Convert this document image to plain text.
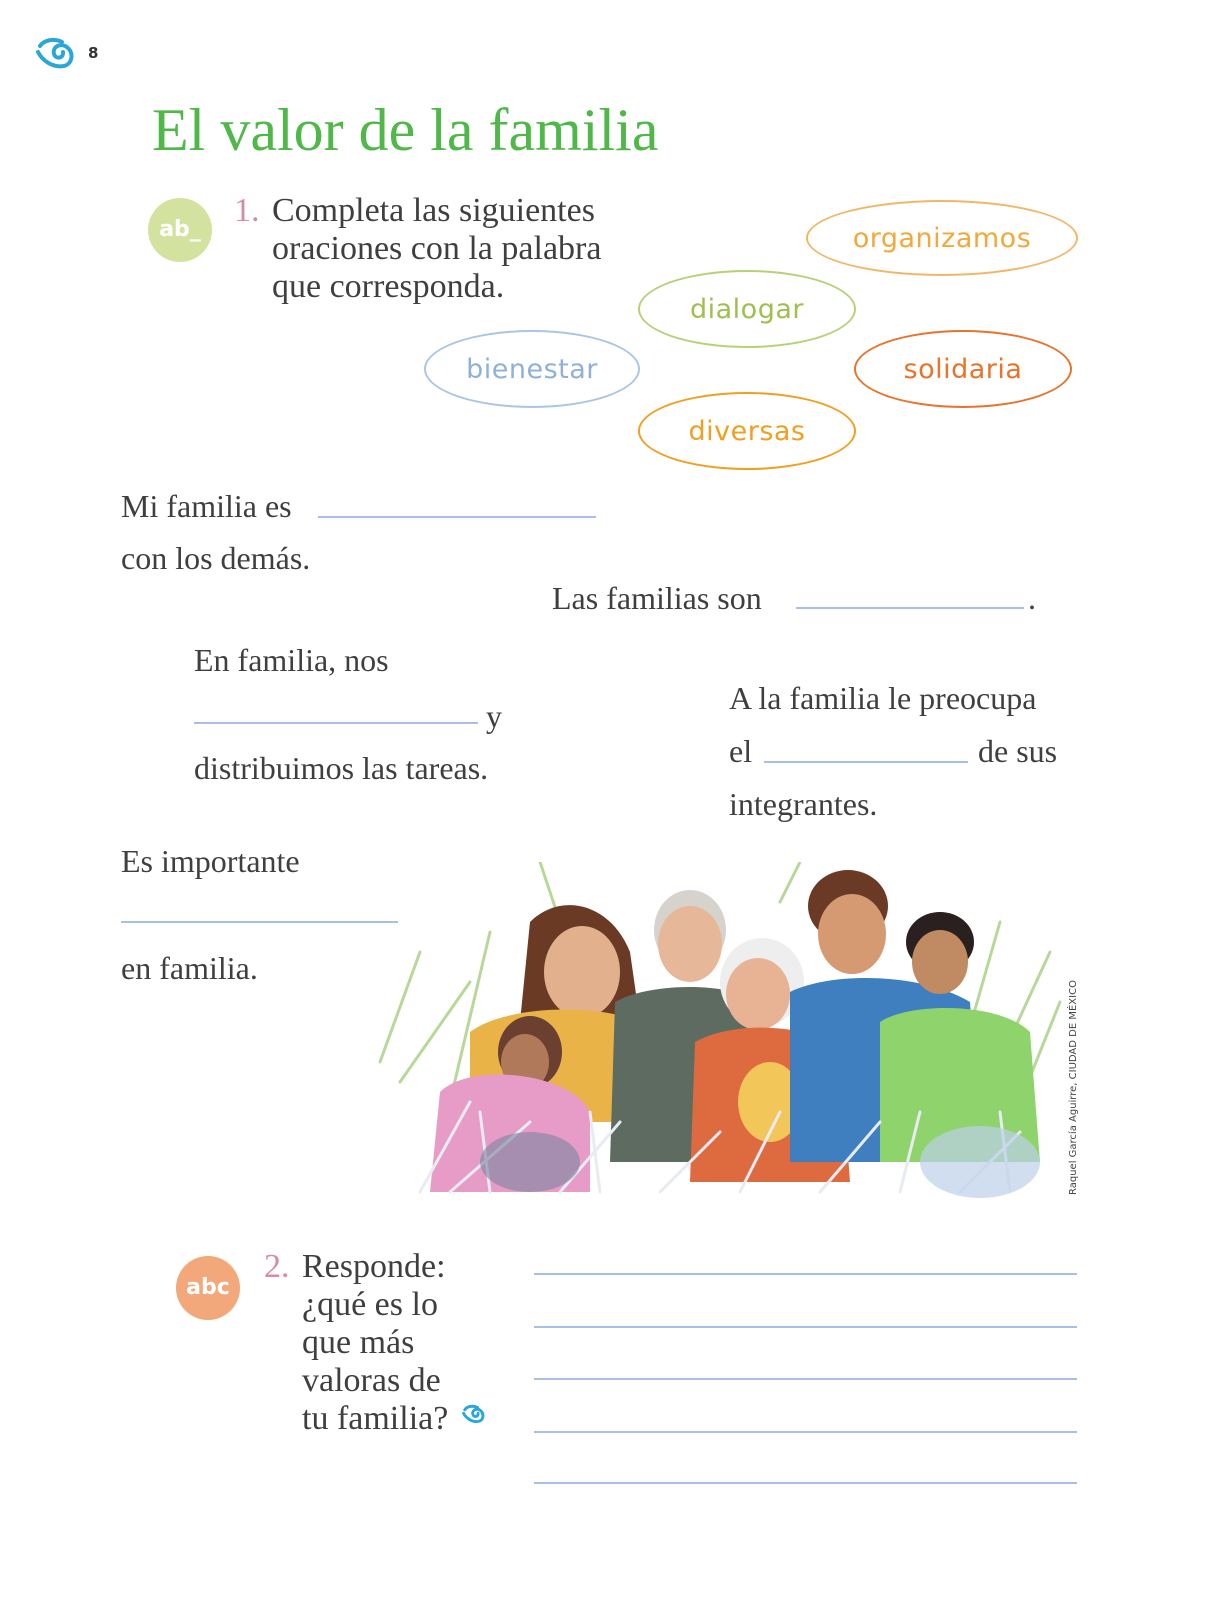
8
El valor de la familia
ab_
1. Completa las siguientes
oraciones con la palabra
que corresponda.
organizamos
dialogar
bienestar	solidaria
diversas
Mi familia es
con los demás.
Las familias son	.
En familia, nos
y
distribuimos las tareas.
A la familia le preocupa
el	de sus
integrantes.
Es importante
en familia.
Raquel García Aguirre, CIUDAD DE MÉXICO
abc
2. Responde:
¿qué es lo
que más
valoras de
tu familia?
